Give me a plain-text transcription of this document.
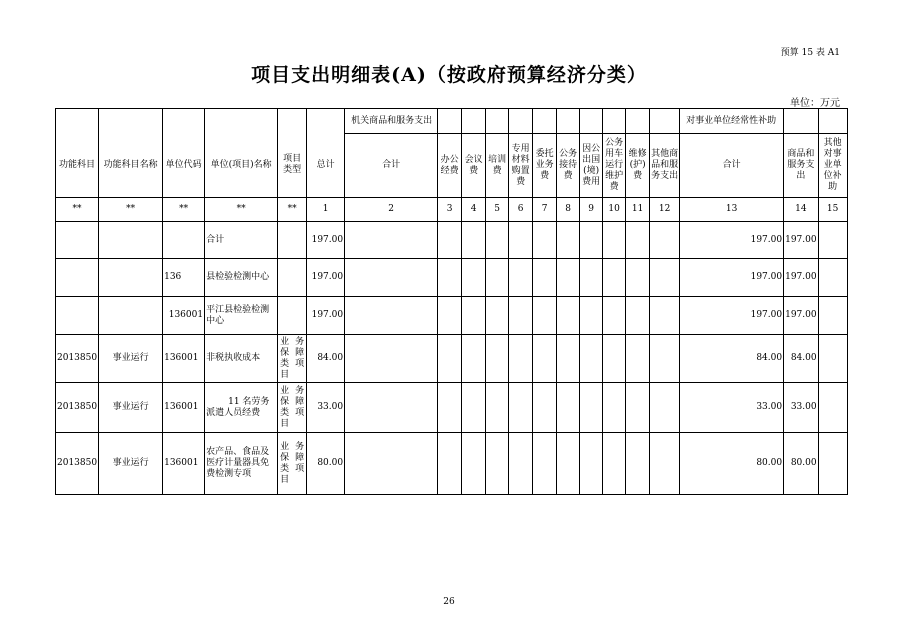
预算 15 表 A1
项目支出明细表(A)（按政府预算经济分类）
单位：万元
						机关商品和服务支出											对事业单位经常性补助		
功能科目	功能科目名称	单位代码	单位(项目)名称	项目类型	总计	合计	办公经费	会议费	培训费	专用材料购置费	委托业务费	公务接待费	因公出国(境)费用	公务用车运行维护费	维修(护)费	其他商品和服务支出	合计	商品和服务支出	其他对事业单位补助
**	**	**	**	**	1	2	3	4	5	6	7	8	9	10	11	12	13	14	15
			合计		197.00												197.00	197.00	
		136	县检验检测中心		197.00												197.00	197.00	
		136001	平江县检验检测中心		197.00												197.00	197.00	
2013850	事业运行	136001	非税执收成本	业务保障类项目	84.00												84.00	84.00	
2013850	事业运行	136001	11 名劳务派遣人员经费	业务保障类项目	33.00												33.00	33.00	
2013850	事业运行	136001	农产品、食品及医疗计量器具免费检测专项	业务保障类项目	80.00												80.00	80.00	
26
